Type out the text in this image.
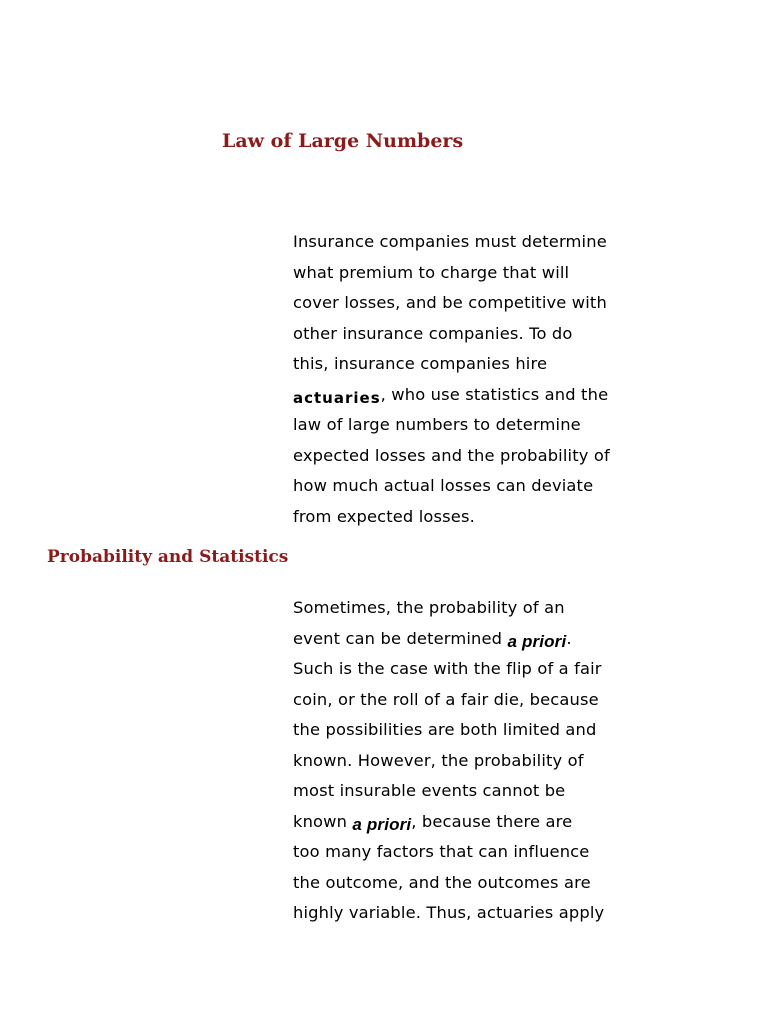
Law of Large Numbers
Insurance companies must determine
what premium to charge that will
cover losses, and be competitive with
other insurance companies. To do
this, insurance companies hire
actuaries, who use statistics and the
law of large numbers to determine
expected losses and the probability of
how much actual losses can deviate
from expected losses.
Probability and Statistics
Sometimes, the probability of an
event can be determined a priori.
Such is the case with the flip of a fair
coin, or the roll of a fair die, because
the possibilities are both limited and
known. However, the probability of
most insurable events cannot be
known a priori, because there are
too many factors that can influence
the outcome, and the outcomes are
highly variable. Thus, actuaries apply
